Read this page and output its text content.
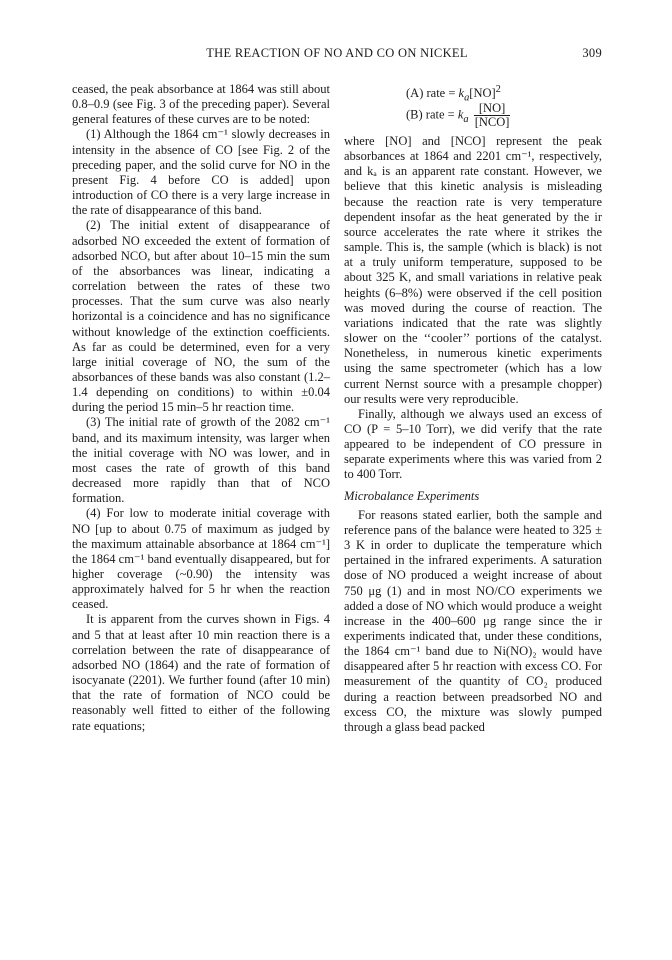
THE REACTION OF NO AND CO ON NICKEL	309

ceased, the peak absorbance at 1864 was still about 0.8–0.9 (see Fig. 3 of the preceding paper). Several general features of these curves are to be noted:

(1) Although the 1864 cm⁻¹ slowly decreases in intensity in the absence of CO [see Fig. 2 of the preceding paper, and the solid curve for NO in the present Fig. 4 before CO is added] upon introduction of CO there is a very large increase in the rate of disappearance of this band.

(2) The initial extent of disappearance of adsorbed NO exceeded the extent of formation of adsorbed NCO, but after about 10–15 min the sum of the absorbances was linear, indicating a correlation between the rates of these two processes. That the sum curve was also nearly horizontal is a coincidence and has no significance without knowledge of the extinction coefficients. As far as could be determined, even for a very large initial coverage of NO, the sum of the absorbances of these bands was also constant (1.2–1.4 depending on conditions) to within ±0.04 during the period 15 min–5 hr reaction time.

(3) The initial rate of growth of the 2082 cm⁻¹ band, and its maximum intensity, was larger when the initial coverage with NO was lower, and in most cases the rate of growth of this band decreased more rapidly than that of NCO formation.

(4) For low to moderate initial coverage with NO [up to about 0.75 of maximum as judged by the maximum attainable absorbance at 1864 cm⁻¹] the 1864 cm⁻¹ band eventually disappeared, but for higher coverage (~0.90) the intensity was approximately halved for 5 hr when the reaction ceased.

It is apparent from the curves shown in Figs. 4 and 5 that at least after 10 min reaction there is a correlation between the rate of disappearance of adsorbed NO (1864) and the rate of formation of isocyanate (2201). We further found (after 10 min) that the rate of formation of NCO could be reasonably well fitted to either of the following rate equations;

(A) rate = $k_a[NO]^2$
(B) rate = $k_a \frac{[NO]}{\text{[NCO]}}$

where [NO] and [NCO] represent the peak absorbances at 1864 and 2201 cm⁻¹, respectively, and kₐ is an apparent rate constant. However, we believe that this kinetic analysis is misleading because the reaction rate is very temperature dependent insofar as the heat generated by the ir source accelerates the rate where it strikes the sample. This is, the sample (which is black) is not at a truly uniform temperature, supposed to be about 325 K, and small variations in relative peak heights (6–8%) were observed if the cell position was moved during the course of reaction. The variations indicated that the rate was slightly slower on the ‘‘cooler’’ portions of the catalyst. Nonetheless, in numerous kinetic experiments using the same spectrometer (which has a low current Nernst source with a presample chopper) our results were very reproducible.

Finally, although we always used an excess of CO (P = 5–10 Torr), we did verify that the rate appeared to be independent of CO pressure in separate experiments where this was varied from 2 to 400 Torr.

Microbalance Experiments

For reasons stated earlier, both the sample and reference pans of the balance were heated to 325 ± 3 K in order to duplicate the temperature which pertained in the infrared experiments. A saturation dose of NO produced a weight increase of about 750 μg (1) and in most NO/CO experiments we added a dose of NO which would produce a weight increase in the 400–600 μg range since the ir experiments indicated that, under these conditions, the 1864 cm⁻¹ band due to Ni(NO)₂ would have disappeared after 5 hr reaction with excess CO. For measurement of the quantity of CO₂ produced during a reaction between preadsorbed NO and excess CO, the mixture was slowly pumped through a glass bead packed
